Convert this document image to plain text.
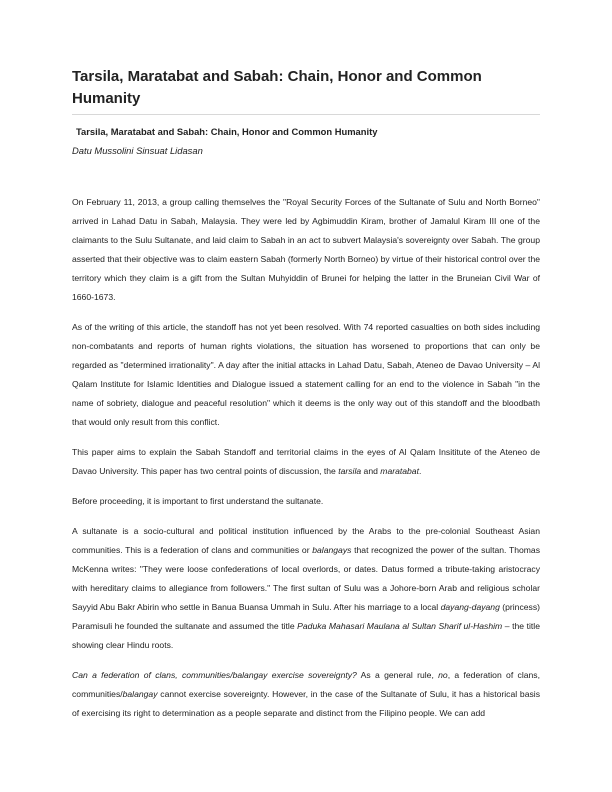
Tarsila, Maratabat and Sabah: Chain, Honor and Common Humanity
Tarsila, Maratabat and Sabah: Chain, Honor and Common Humanity
Datu Mussolini Sinsuat Lidasan

On February 11, 2013, a group calling themselves the "Royal Security Forces of the Sultanate of Sulu and North Borneo" arrived in Lahad Datu in Sabah, Malaysia. They were led by Agbimuddin Kiram, brother of Jamalul Kiram III one of the claimants to the Sulu Sultanate, and laid claim to Sabah in an act to subvert Malaysia's sovereignty over Sabah. The group asserted that their objective was to claim eastern Sabah (formerly North Borneo) by virtue of their historical control over the territory which they claim is a gift from the Sultan Muhyiddin of Brunei for helping the latter in the Bruneian Civil War of 1660-1673.

As of the writing of this article, the standoff has not yet been resolved. With 74 reported casualties on both sides including non-combatants and reports of human rights violations, the situation has worsened to proportions that can only be regarded as "determined irrationality". A day after the initial attacks in Lahad Datu, Sabah, Ateneo de Davao University – Al Qalam Institute for Islamic Identities and Dialogue issued a statement calling for an end to the violence in Sabah "in the name of sobriety, dialogue and peaceful resolution" which it deems is the only way out of this standoff and the bloodbath that would only result from this conflict.

This paper aims to explain the Sabah Standoff and territorial claims in the eyes of Al Qalam Insititute of the Ateneo de Davao University. This paper has two central points of discussion, the tarsila and maratabat.

Before proceeding, it is important to first understand the sultanate.

A sultanate is a socio-cultural and political institution influenced by the Arabs to the pre-colonial Southeast Asian communities. This is a federation of clans and communities or balangays that recognized the power of the sultan. Thomas McKenna writes: "They were loose confederations of local overlords, or dates. Datus formed a tribute-taking aristocracy with hereditary claims to allegiance from followers." The first sultan of Sulu was a Johore-born Arab and religious scholar Sayyid Abu Bakr Abirin who settle in Banua Buansa Ummah in Sulu. After his marriage to a local dayang-dayang (princess) Paramisuli he founded the sultanate and assumed the title Paduka Mahasari Maulana al Sultan Sharif ul-Hashim – the title showing clear Hindu roots.

Can a federation of clans, communities/balangay exercise sovereignty? As a general rule, no, a federation of clans, communities/balangay cannot exercise sovereignty. However, in the case of the Sultanate of Sulu, it has a historical basis of exercising its right to determination as a people separate and distinct from the Filipino people. We can add
